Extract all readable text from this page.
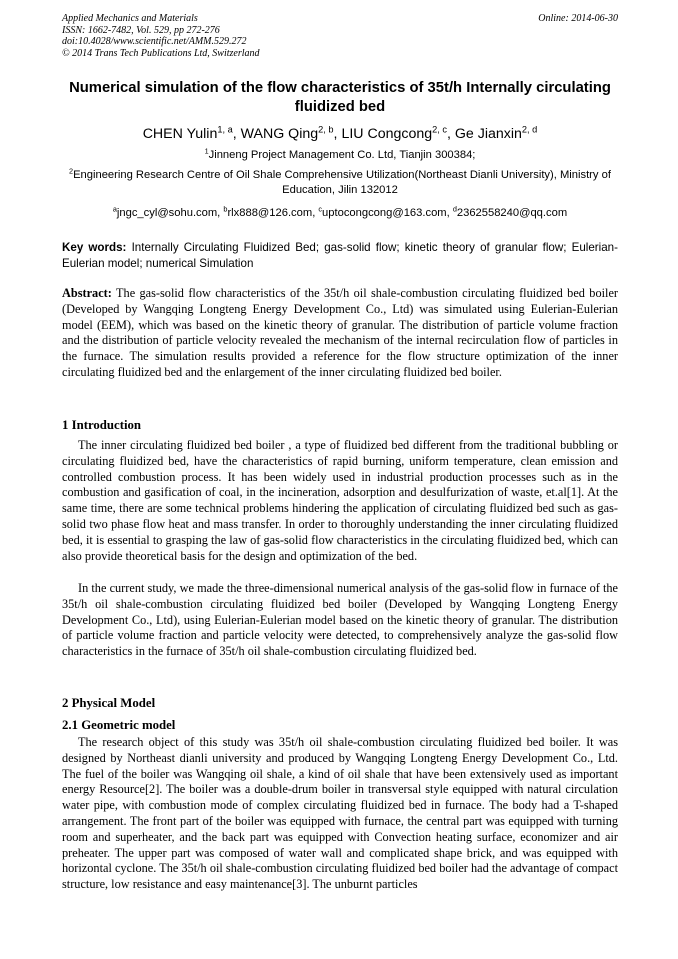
Applied Mechanics and Materials
ISSN: 1662-7482, Vol. 529, pp 272-276
doi:10.4028/www.scientific.net/AMM.529.272
© 2014 Trans Tech Publications Ltd, Switzerland
Online: 2014-06-30
Numerical simulation of the flow characteristics of 35t/h Internally circulating fluidized bed
CHEN Yulin$^{1, a}$, WANG Qing$^{2, b}$, LIU Congcong$^{2, c}$, Ge Jianxin$^{2, d}$
$^1$Jinneng Project Management Co. Ltd, Tianjin 300384;
$^2$Engineering Research Centre of Oil Shale Comprehensive Utilization(Northeast Dianli University), Ministry of Education, Jilin 132012
$^a$jngc_cyl@sohu.com, $^b$rlx888@126.com, $^c$uptocongcong@163.com, $^d$2362558240@qq.com
Key words: Internally Circulating Fluidized Bed; gas-solid flow; kinetic theory of granular flow; Eulerian-Eulerian model; numerical Simulation
Abstract: The gas-solid flow characteristics of the 35t/h oil shale-combustion circulating fluidized bed boiler (Developed by Wangqing Longteng Energy Development Co., Ltd) was simulated using Eulerian-Eulerian model (EEM), which was based on the kinetic theory of granular. The distribution of particle volume fraction and the distribution of particle velocity revealed the mechanism of the internal recirculation flow of particles in the furnace. The simulation results provided a reference for the flow structure optimization of the inner circulating fluidized bed and the enlargement of the inner circulating fluidized bed boiler.
1 Introduction
The inner circulating fluidized bed boiler , a type of fluidized bed different from the traditional bubbling or circulating fluidized bed, have the characteristics of rapid burning, uniform temperature, clean emission and controlled combustion process. It has been widely used in industrial production processes such as in the combustion and gasification of coal, in the incineration, adsorption and desulfurization of waste, et.al[1]. At the same time, there are some technical problems hindering the application of circulating fluidized bed such as gas-solid two phase flow heat and mass transfer. In order to thoroughly understanding the inner circulating fluidized bed, it is essential to grasping the law of gas-solid flow characteristics in the circulating fluidized bed, which can also provide theoretical basis for the design and optimization of the bed.
In the current study, we made the three-dimensional numerical analysis of the gas-solid flow in furnace of the 35t/h oil shale-combustion circulating fluidized bed boiler (Developed by Wangqing Longteng Energy Development Co., Ltd), using Eulerian-Eulerian model based on the kinetic theory of granular. The distribution of particle volume fraction and particle velocity were detected, to comprehensively analyze the gas-solid flow characteristics in the furnace of 35t/h oil shale-combustion circulating fluidized bed.
2 Physical Model
2.1 Geometric model
The research object of this study was 35t/h oil shale-combustion circulating fluidized bed boiler. It was designed by Northeast dianli university and produced by Wangqing Longteng Energy Development Co., Ltd. The fuel of the boiler was Wangqing oil shale, a kind of oil shale that have been extensively used as important energy Resource[2]. The boiler was a double-drum boiler in transversal style equipped with natural circulation water pipe, with combustion mode of complex circulating fluidized bed in furnace. The body had a T-shaped arrangement. The front part of the boiler was equipped with furnace, the central part was equipped with turning room and superheater, and the back part was equipped with Convection heating surface, economizer and air preheater. The upper part was composed of water wall and complicated shape brick, and was equipped with horizontal cyclone. The 35t/h oil shale-combustion circulating fluidized bed boiler had the advantage of compact structure, low resistance and easy maintenance[3]. The unburnt particles
